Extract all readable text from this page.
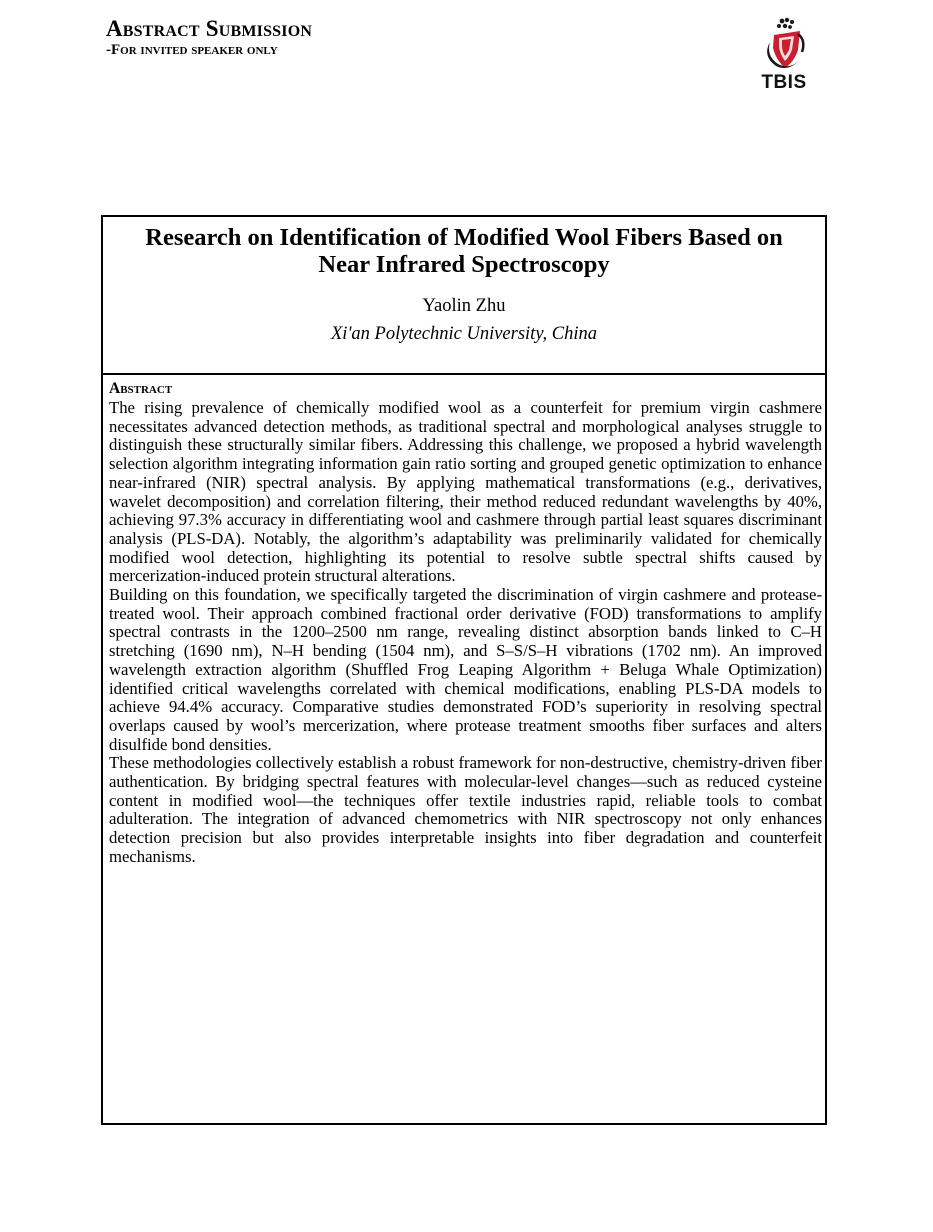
Abstract Submission
-For invited speaker only
TBIS
Research on Identification of Modified Wool Fibers Based on Near Infrared Spectroscopy
Yaolin Zhu
Xi'an Polytechnic University, China
Abstract

The rising prevalence of chemically modified wool as a counterfeit for premium virgin cashmere necessitates advanced detection methods, as traditional spectral and morphological analyses struggle to distinguish these structurally similar fibers. Addressing this challenge, we proposed a hybrid wavelength selection algorithm integrating information gain ratio sorting and grouped genetic optimization to enhance near-infrared (NIR) spectral analysis. By applying mathematical transformations (e.g., derivatives, wavelet decomposition) and correlation filtering, their method reduced redundant wavelengths by 40%, achieving 97.3% accuracy in differentiating wool and cashmere through partial least squares discriminant analysis (PLS-DA). Notably, the algorithm’s adaptability was preliminarily validated for chemically modified wool detection, highlighting its potential to resolve subtle spectral shifts caused by mercerization-induced protein structural alterations.

Building on this foundation, we specifically targeted the discrimination of virgin cashmere and protease-treated wool. Their approach combined fractional order derivative (FOD) transformations to amplify spectral contrasts in the 1200–2500 nm range, revealing distinct absorption bands linked to C–H stretching (1690 nm), N–H bending (1504 nm), and S–S/S–H vibrations (1702 nm). An improved wavelength extraction algorithm (Shuffled Frog Leaping Algorithm + Beluga Whale Optimization) identified critical wavelengths correlated with chemical modifications, enabling PLS-DA models to achieve 94.4% accuracy. Comparative studies demonstrated FOD’s superiority in resolving spectral overlaps caused by wool’s mercerization, where protease treatment smooths fiber surfaces and alters disulfide bond densities.

These methodologies collectively establish a robust framework for non-destructive, chemistry-driven fiber authentication. By bridging spectral features with molecular-level changes—such as reduced cysteine content in modified wool—the techniques offer textile industries rapid, reliable tools to combat adulteration. The integration of advanced chemometrics with NIR spectroscopy not only enhances detection precision but also provides interpretable insights into fiber degradation and counterfeit mechanisms.
